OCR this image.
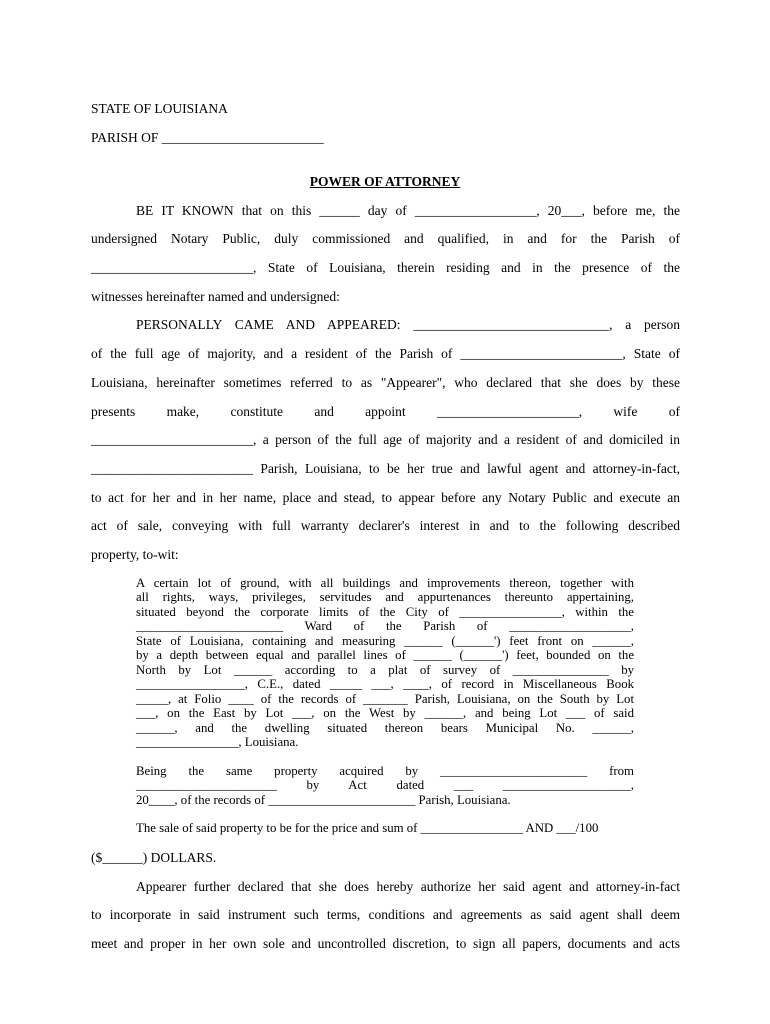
STATE OF LOUISIANA
PARISH OF ________________________
POWER OF ATTORNEY
BE IT KNOWN that on this ______ day of __________________, 20___, before me, the
undersigned Notary Public, duly commissioned and qualified, in and for the Parish of
________________________, State of Louisiana, therein residing and in the presence of the
witnesses hereinafter named and undersigned:
PERSONALLY CAME AND APPEARED: _____________________________, a person
of the full age of majority, and a resident of the Parish of ________________________, State of
Louisiana, hereinafter sometimes referred to as "Appearer", who declared that she does by these
presents make, constitute and appoint _____________________, wife of
________________________, a person of the full age of majority and a resident of and domiciled in
________________________ Parish, Louisiana, to be her true and lawful agent and attorney-in-fact,
to act for her and in her name, place and stead, to appear before any Notary Public and execute an
act of sale, conveying with full warranty declarer's interest in and to the following described
property, to-wit:
A certain lot of ground, with all buildings and improvements thereon, together with
all rights, ways, privileges, servitudes and appurtenances thereunto appertaining,
situated beyond the corporate limits of the City of ________________, within the
_______________________ Ward of the Parish of ___________________,
State of Louisiana, containing and measuring ______ (______') feet front on ______,
by a depth between equal and parallel lines of ______ (______') feet, bounded on the
North by Lot ______ according to a plat of survey of _______________ by
_________________, C.E., dated _____ ___, ____, of record in Miscellaneous Book
_____, at Folio ____ of the records of _______ Parish, Louisiana, on the South by Lot
___, on the East by Lot ___, on the West by ______, and being Lot ___ of said
______, and the dwelling situated thereon bears Municipal No. ______,
________________, Louisiana.
Being the same property acquired by _______________________ from
______________________ by Act dated ___ ____________________,
20____, of the records of _______________________ Parish, Louisiana.
The sale of said property to be for the price and sum of ________________ AND ___/100
($______) DOLLARS.
Appearer further declared that she does hereby authorize her said agent and attorney-in-fact
to incorporate in said instrument such terms, conditions and agreements as said agent shall deem
meet and proper in her own sole and uncontrolled discretion, to sign all papers, documents and acts
